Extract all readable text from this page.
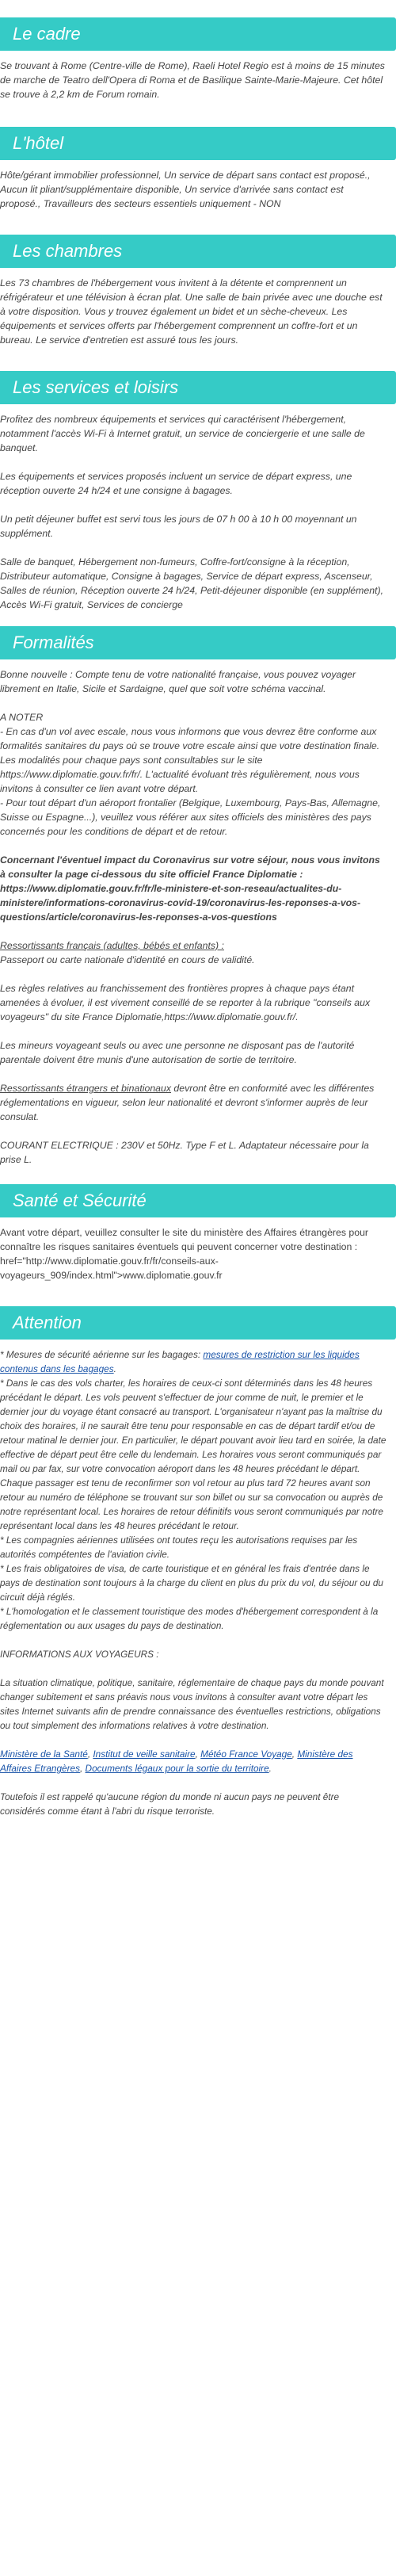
Le cadre

Se trouvant à Rome (Centre-ville de Rome), Raeli Hotel Regio est à moins de 15 minutes de marche de Teatro dell'Opera di Roma et de Basilique Sainte-Marie-Majeure. Cet hôtel se trouve à 2,2 km de Forum romain.

L'hôtel

Hôte/gérant immobilier professionnel, Un service de départ sans contact est proposé., Aucun lit pliant/supplémentaire disponible, Un service d'arrivée sans contact est proposé., Travailleurs des secteurs essentiels uniquement - NON

Les chambres

Les 73 chambres de l'hébergement vous invitent à la détente et comprennent un réfrigérateur et une télévision à écran plat. Une salle de bain privée avec une douche est à votre disposition. Vous y trouvez également un bidet et un sèche-cheveux. Les équipements et services offerts par l'hébergement comprennent un coffre-fort et un bureau. Le service d'entretien est assuré tous les jours.

Les services et loisirs

Profitez des nombreux équipements et services qui caractérisent l'hébergement, notamment l'accès Wi-Fi à Internet gratuit, un service de conciergerie et une salle de banquet.

Les équipements et services proposés incluent un service de départ express, une réception ouverte 24 h/24 et une consigne à bagages.

Un petit déjeuner buffet est servi tous les jours de 07 h 00 à 10 h 00 moyennant un supplément.

Salle de banquet, Hébergement non-fumeurs, Coffre-fort/consigne à la réception, Distributeur automatique, Consigne à bagages, Service de départ express, Ascenseur, Salles de réunion, Réception ouverte 24 h/24, Petit-déjeuner disponible (en supplément), Accès Wi-Fi gratuit, Services de concierge

Formalités

Bonne nouvelle : Compte tenu de votre nationalité française, vous pouvez voyager librement en Italie, Sicile et Sardaigne, quel que soit votre schéma vaccinal.

A NOTER
- En cas d'un vol avec escale, nous vous informons que vous devrez être conforme aux formalités sanitaires du pays où se trouve votre escale ainsi que votre destination finale.
Les modalités pour chaque pays sont consultables sur le site https://www.diplomatie.gouv.fr/fr/. L'actualité évoluant très régulièrement, nous vous invitons à consulter ce lien avant votre départ.

- Pour tout départ d'un aéroport frontalier (Belgique, Luxembourg, Pays-Bas, Allemagne, Suisse ou Espagne...), veuillez vous référer aux sites officiels des ministères des pays concernés pour les conditions de départ et de retour.

Concernant l'éventuel impact du Coronavirus sur votre séjour, nous vous invitons à consulter la page ci-dessous du site officiel France Diplomatie : https://www.diplomatie.gouv.fr/fr/le-ministere-et-son-reseau/actualites-du-ministere/informations-coronavirus-covid-19/coronavirus-les-reponses-a-vos-questions/article/coronavirus-les-reponses-a-vos-questions

Ressortissants français (adultes, bébés et enfants) :

Passeport ou carte nationale d'identité en cours de validité.

Les règles relatives au franchissement des frontières propres à chaque pays étant amenées à évoluer, il est vivement conseillé de se reporter à la rubrique "conseils aux voyageurs" du site France Diplomatie,https://www.diplomatie.gouv.fr/.

Les mineurs voyageant seuls ou avec une personne ne disposant pas de l'autorité parentale doivent être munis d'une autorisation de sortie de territoire.

Ressortissants étrangers et binationaux devront être en conformité avec les différentes réglementations en vigueur, selon leur nationalité et devront s'informer auprès de leur consulat.

COURANT ELECTRIQUE : 230V et 50Hz. Type F et L. Adaptateur nécessaire pour la prise L.

Santé et Sécurité

Avant votre départ, veuillez consulter le site du ministère des Affaires étrangères pour connaître les risques sanitaires éventuels qui peuvent concerner votre destination : href="http://www.diplomatie.gouv.fr/fr/conseils-aux-voyageurs_909/index.html">www.diplomatie.gouv.fr

Attention
* Mesures de sécurité aérienne sur les bagages: mesures de restriction sur les liquides contenus dans les bagages.
* Dans le cas des vols charter, les horaires de ceux-ci sont déterminés dans les 48 heures précédant le départ. Les vols peuvent s'effectuer de jour comme de nuit, le premier et le dernier jour du voyage étant consacré au transport. L'organisateur n'ayant pas la maîtrise du choix des horaires, il ne saurait être tenu pour responsable en cas de départ tardif et/ou de retour matinal le dernier jour. En particulier, le départ pouvant avoir lieu tard en soirée, la date effective de départ peut être celle du lendemain. Les horaires vous seront communiqués par mail ou par fax, sur votre convocation aéroport dans les 48 heures précédant le départ. Chaque passager est tenu de reconfirmer son vol retour au plus tard 72 heures avant son retour au numéro de téléphone se trouvant sur son billet ou sur sa convocation ou auprès de notre représentant local. Les horaires de retour définitifs vous seront communiqués par notre représentant local dans les 48 heures précédant le retour.
* Les compagnies aériennes utilisées ont toutes reçu les autorisations requises par les autorités compétentes de l'aviation civile.
* Les frais obligatoires de visa, de carte touristique et en général les frais d'entrée dans le pays de destination sont toujours à la charge du client en plus du prix du vol, du séjour ou du circuit déjà réglés.

* L'homologation et le classement touristique des modes d'hébergement correspondent à la réglementation ou aux usages du pays de destination.

INFORMATIONS AUX VOYAGEURS :

La situation climatique, politique, sanitaire, réglementaire de chaque pays du monde pouvant changer subitement et sans préavis nous vous invitons à consulter avant votre départ les sites Internet suivants afin de prendre connaissance des éventuelles restrictions, obligations ou tout simplement des informations relatives à votre destination.

Ministère de la Santé, Institut de veille sanitaire, Météo France Voyage, Ministère des Affaires Etrangères, Documents légaux pour la sortie du territoire.

Toutefois il est rappelé qu'aucune région du monde ni aucun pays ne peuvent être considérés comme étant à l'abri du risque terroriste.
